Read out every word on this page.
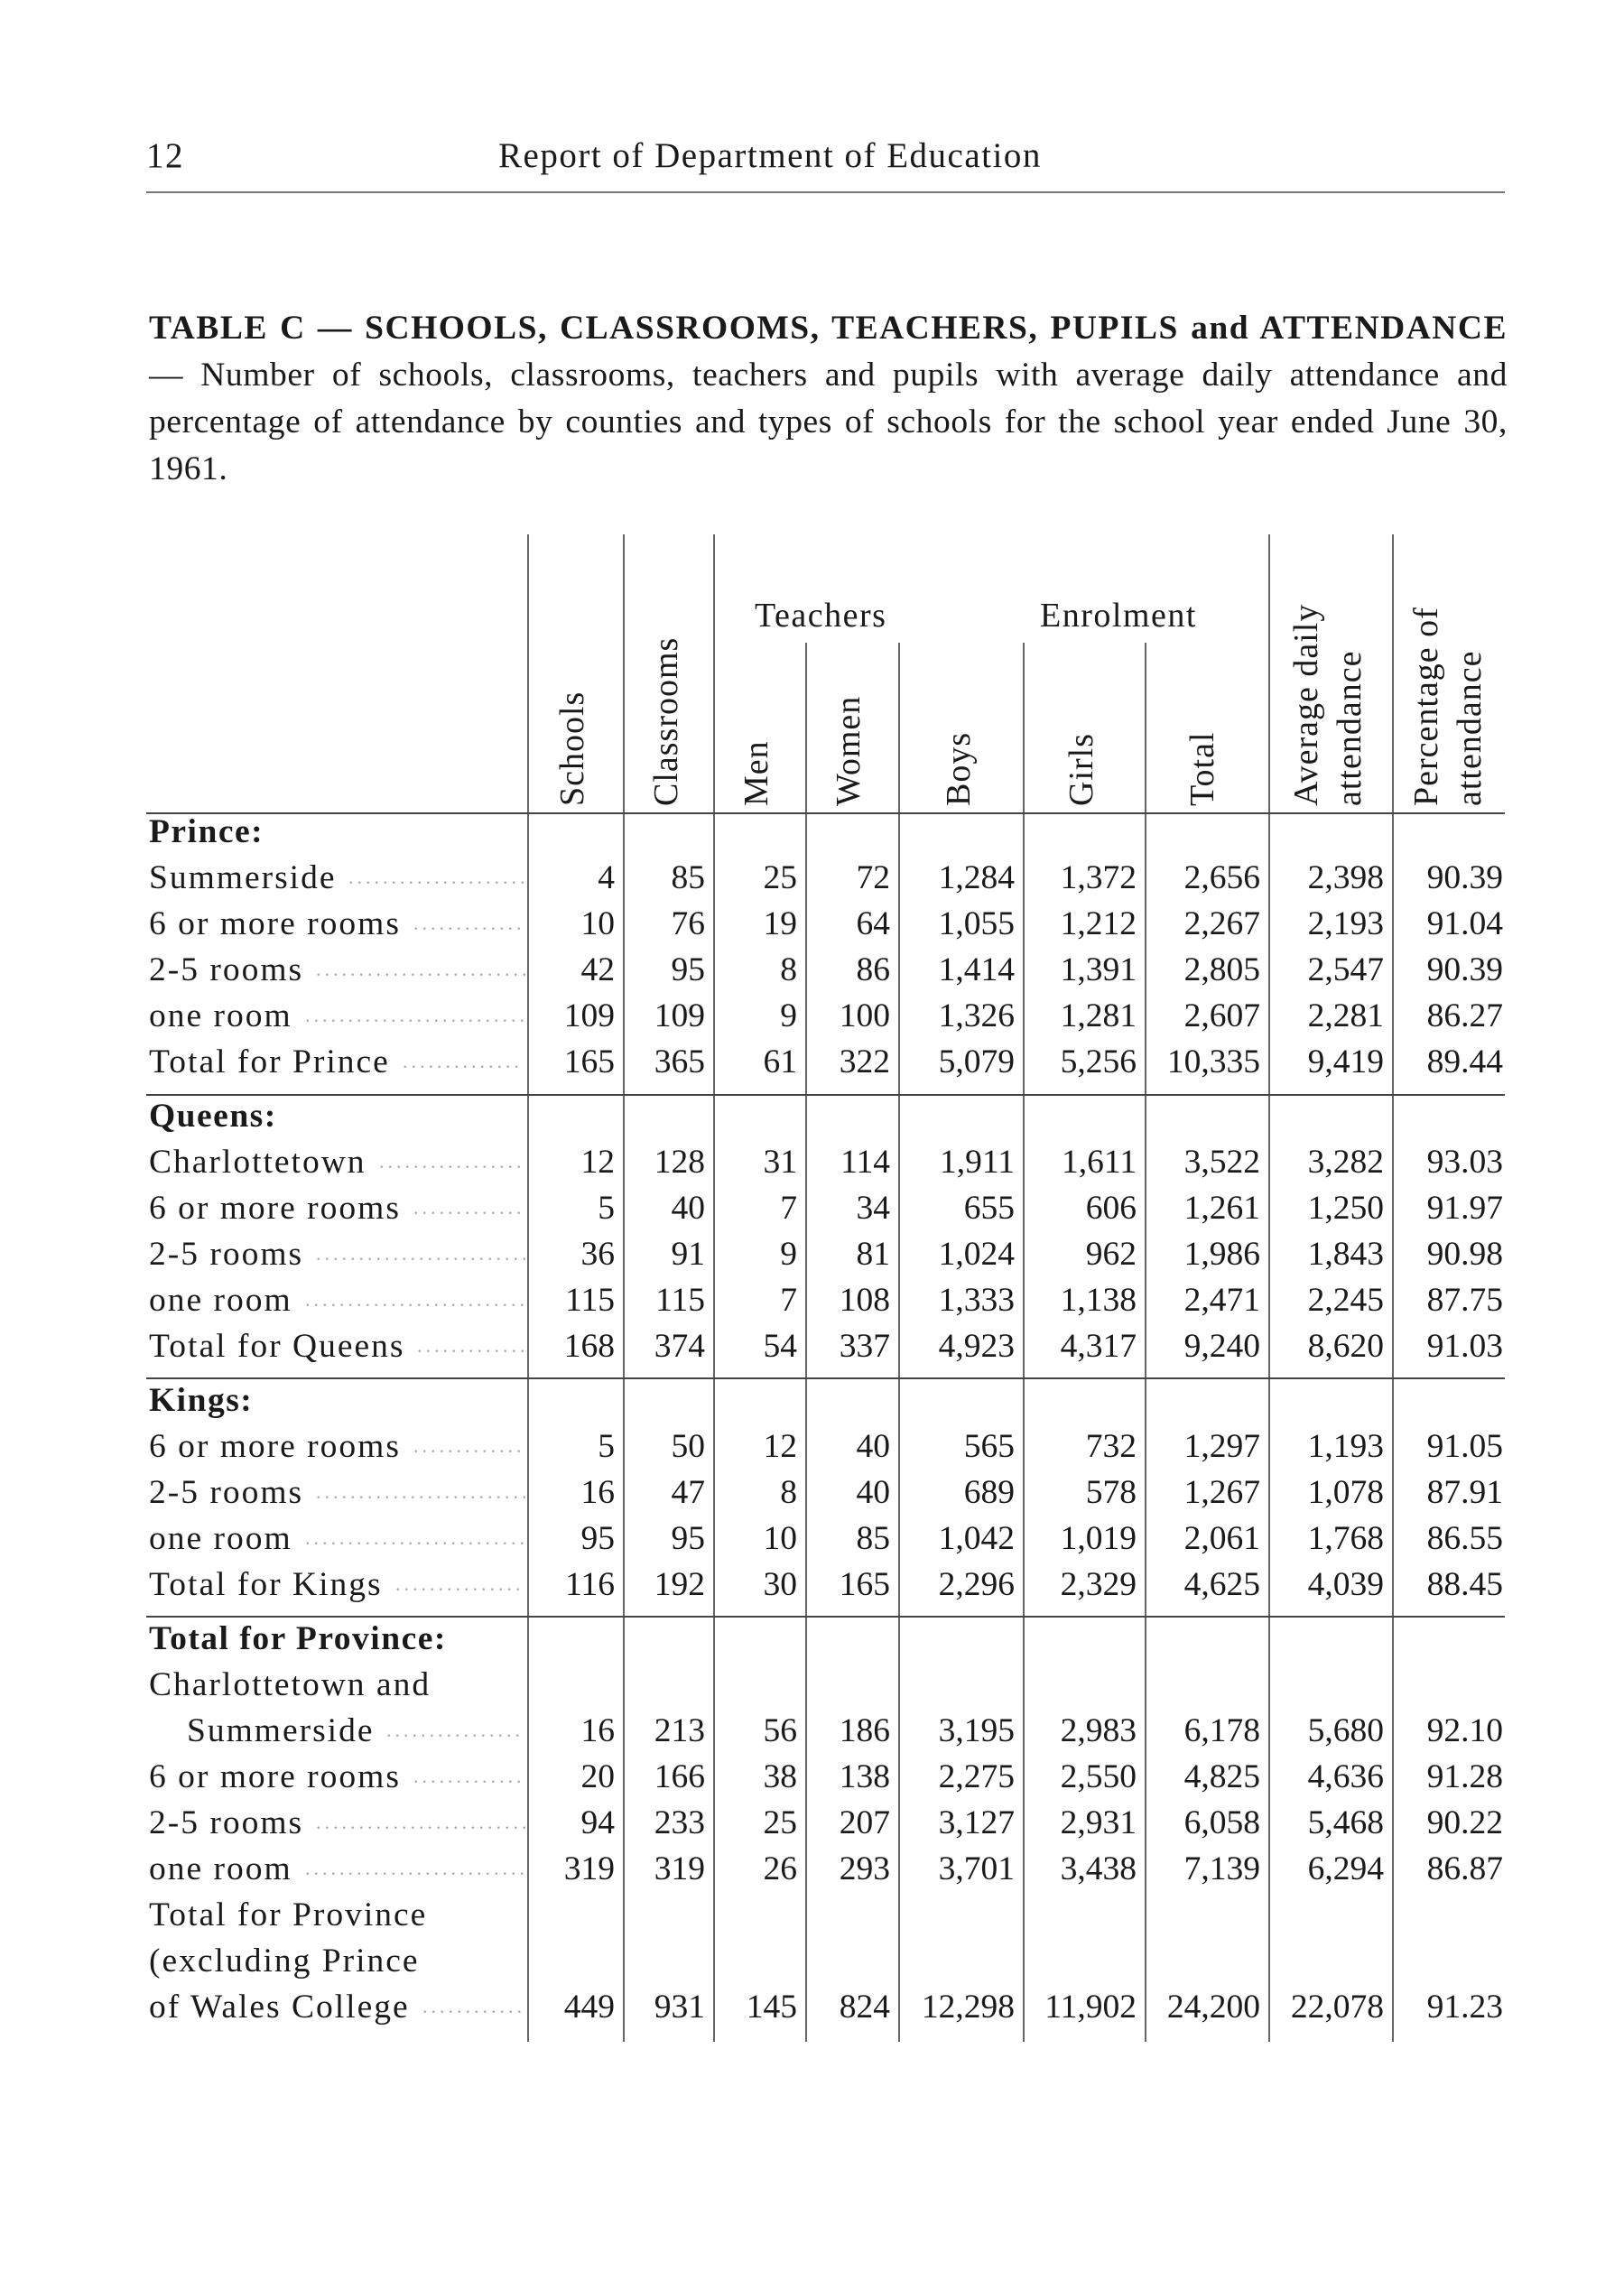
12	Report of Department of Education
TABLE C — SCHOOLS, CLASSROOMS, TEACHERS, PUPILS and ATTENDANCE — Number of schools, classrooms, teachers and pupils with average daily attendance and percentage of attendance by counties and types of schools for the school year ended June 30, 1961.
Schools Classrooms
Teachers
Men Women
Enrolment
Boys Girls Total Average daily attendance Percentage of attendance
Prince:
Summerside ..................... 4 85 25 72 1,284 1,372 2,656 2,398 90.39
6 or more rooms ............. 10 76 19 64 1,055 1,212 2,267 2,193 91.04
2-5 rooms ......................... 42 95 8 86 1,414 1,391 2,805 2,547 90.39
one room .......................... 109 109 9 100 1,326 1,281 2,607 2,281 86.27
Total for Prince .............. 165 365 61 322 5,079 5,256 10,335 9,419 89.44
Queens:
Charlottetown ................. 12 128 31 114 1,911 1,611 3,522 3,282 93.03
6 or more rooms ............. 5 40 7 34 655 606 1,261 1,250 91.97
2-5 rooms ......................... 36 91 9 81 1,024 962 1,986 1,843 90.98
one room .......................... 115 115 7 108 1,333 1,138 2,471 2,245 87.75
Total for Queens ............. 168 374 54 337 4,923 4,317 9,240 8,620 91.03
Kings:
6 or more rooms ............. 5 50 12 40 565 732 1,297 1,193 91.05
2-5 rooms ......................... 16 47 8 40 689 578 1,267 1,078 87.91
one room .......................... 95 95 10 85 1,042 1,019 2,061 1,768 86.55
Total for Kings ............... 116 192 30 165 2,296 2,329 4,625 4,039 88.45
Total for Province:
Charlottetown and
Summerside ................ 16 213 56 186 3,195 2,983 6,178 5,680 92.10
6 or more rooms ............. 20 166 38 138 2,275 2,550 4,825 4,636 91.28
2-5 rooms ......................... 94 233 25 207 3,127 2,931 6,058 5,468 90.22
one room .......................... 319 319 26 293 3,701 3,438 7,139 6,294 86.87
Total for Province
(excluding Prince
of Wales College ............ 449 931 145 824 12,298 11,902 24,200 22,078 91.23
